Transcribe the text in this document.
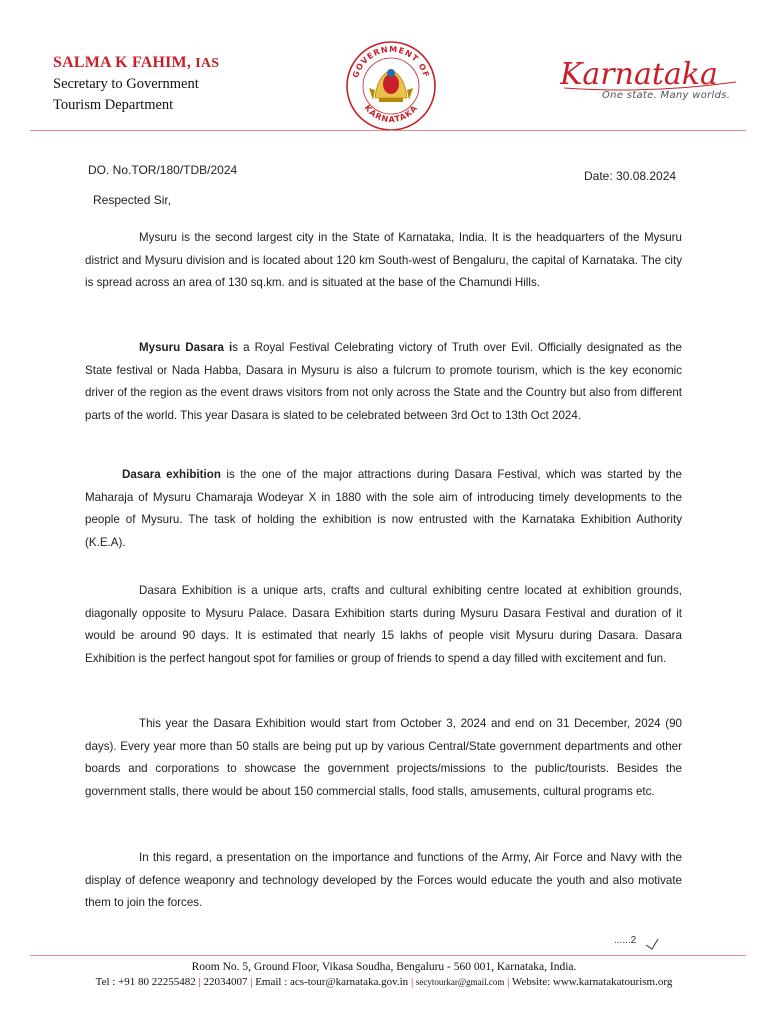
SALMA K FAHIM, IAS
Secretary to Government
Tourism Department
GOVERNMENT OF
KARNATAKA
Karnataka
One state. Many worlds.
DO. No.TOR/180/TDB/2024	Date: 30.08.2024
Respected Sir,
Mysuru is the second largest city in the State of Karnataka, India. It is the headquarters of the Mysuru district and Mysuru division and is located about 120 km South-west of Bengaluru, the capital of Karnataka. The city is spread across an area of 130 sq.km. and is situated at the base of the Chamundi Hills.
Mysuru Dasara is a Royal Festival Celebrating victory of Truth over Evil. Officially designated as the State festival or Nada Habba, Dasara in Mysuru is also a fulcrum to promote tourism, which is the key economic driver of the region as the event draws visitors from not only across the State and the Country but also from different parts of the world. This year Dasara is slated to be celebrated between 3rd Oct to 13th Oct 2024.
Dasara exhibition is the one of the major attractions during Dasara Festival, which was started by the Maharaja of Mysuru Chamaraja Wodeyar X in 1880 with the sole aim of introducing timely developments to the people of Mysuru. The task of holding the exhibition is now entrusted with the Karnataka Exhibition Authority (K.E.A).
Dasara Exhibition is a unique arts, crafts and cultural exhibiting centre located at exhibition grounds, diagonally opposite to Mysuru Palace. Dasara Exhibition starts during Mysuru Dasara Festival and duration of it would be around 90 days. It is estimated that nearly 15 lakhs of people visit Mysuru during Dasara. Dasara Exhibition is the perfect hangout spot for families or group of friends to spend a day filled with excitement and fun.
This year the Dasara Exhibition would start from October 3, 2024 and end on 31 December, 2024 (90 days). Every year more than 50 stalls are being put up by various Central/State government departments and other boards and corporations to showcase the government projects/missions to the public/tourists. Besides the government stalls, there would be about 150 commercial stalls, food stalls, amusements, cultural programs etc.
In this regard, a presentation on the importance and functions of the Army, Air Force and Navy with the display of defence weaponry and technology developed by the Forces would educate the youth and also motivate them to join the forces.
......2
Room No. 5, Ground Floor, Vikasa Soudha, Bengaluru - 560 001, Karnataka, India.
Tel : +91 80 22255482 | 22034007 | Email : acs-tour@karnataka.gov.in | secytourkar@gmail.com | Website: www.karnatakatourism.org
